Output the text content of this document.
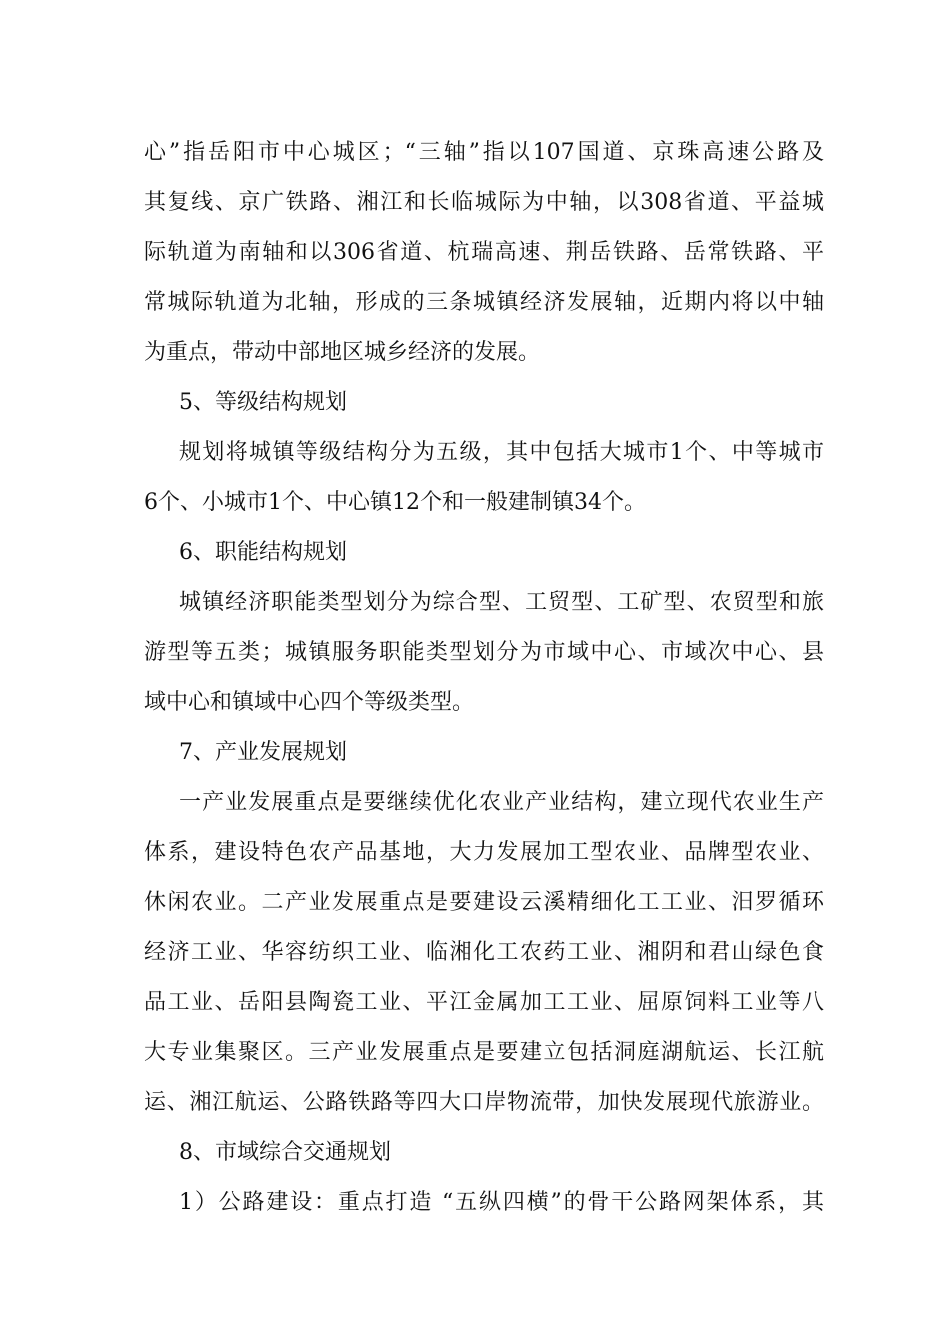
心”指岳阳市中心城区；“三轴”指以107国道、京珠高速公路及
其复线、京广铁路、湘江和长临城际为中轴，以308省道、平益城
际轨道为南轴和以306省道、杭瑞高速、荆岳铁路、岳常铁路、平
常城际轨道为北轴，形成的三条城镇经济发展轴，近期内将以中轴
为重点，带动中部地区城乡经济的发展。
5、等级结构规划
规划将城镇等级结构分为五级，其中包括大城市1个、中等城市
6个、小城市1个、中心镇12个和一般建制镇34个。
6、职能结构规划
城镇经济职能类型划分为综合型、工贸型、工矿型、农贸型和旅
游型等五类；城镇服务职能类型划分为市域中心、市域次中心、县
域中心和镇域中心四个等级类型。
7、产业发展规划
一产业发展重点是要继续优化农业产业结构，建立现代农业生产
体系，建设特色农产品基地，大力发展加工型农业、品牌型农业、
休闲农业。二产业发展重点是要建设云溪精细化工工业、汨罗循环
经济工业、华容纺织工业、临湘化工农药工业、湘阴和君山绿色食
品工业、岳阳县陶瓷工业、平江金属加工工业、屈原饲料工业等八
大专业集聚区。三产业发展重点是要建立包括洞庭湖航运、长江航
运、湘江航运、公路铁路等四大口岸物流带，加快发展现代旅游业。
8、市域综合交通规划
1）公路建设：重点打造 “五纵四横”的骨干公路网架体系，其
